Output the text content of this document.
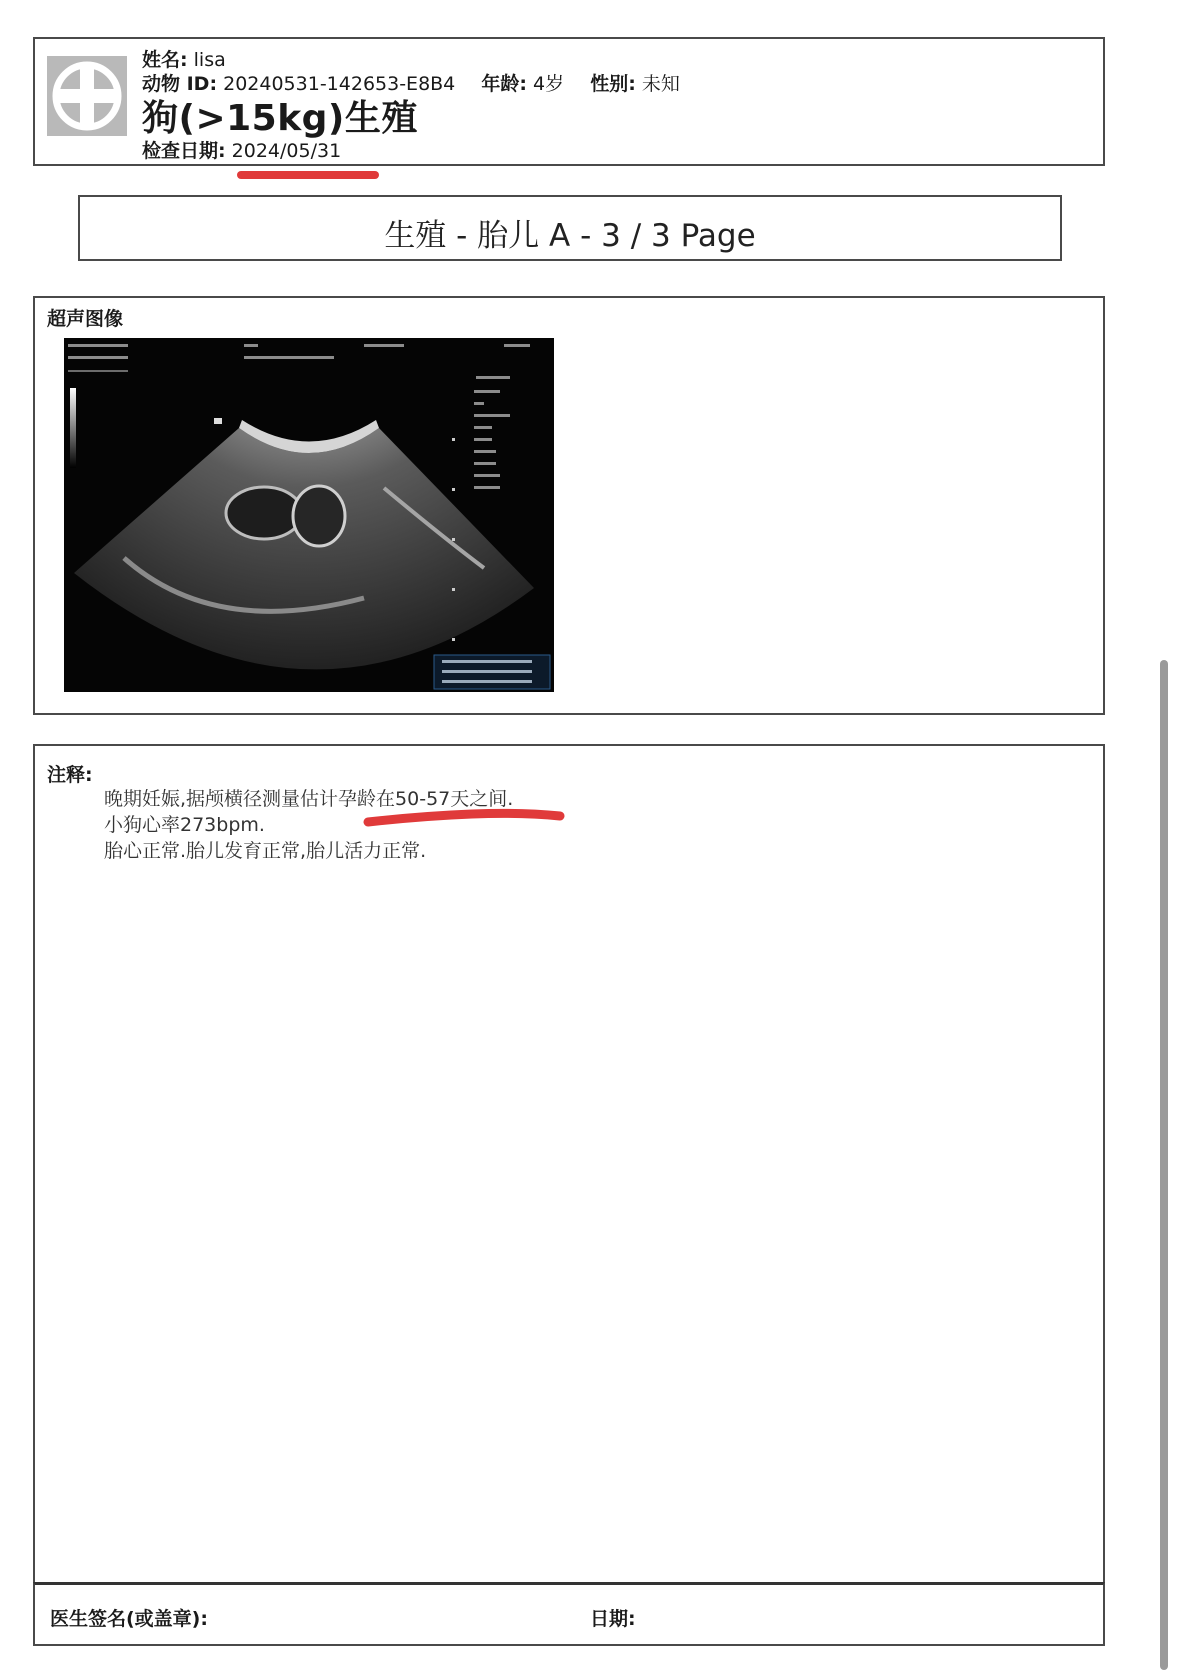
姓名: lisa
动物 ID: 20240531-142653-E8B4 年龄: 4岁 性别: 未知
狗(>15kg)生殖
检查日期: 2024/05/31
生殖 - 胎儿 A - 3 / 3 Page
超声图像
注释:
晚期妊娠,据颅横径测量估计孕龄在50-57天之间.
小狗心率273bpm.
胎心正常.胎儿发育正常,胎儿活力正常.
医生签名(或盖章):	日期:
